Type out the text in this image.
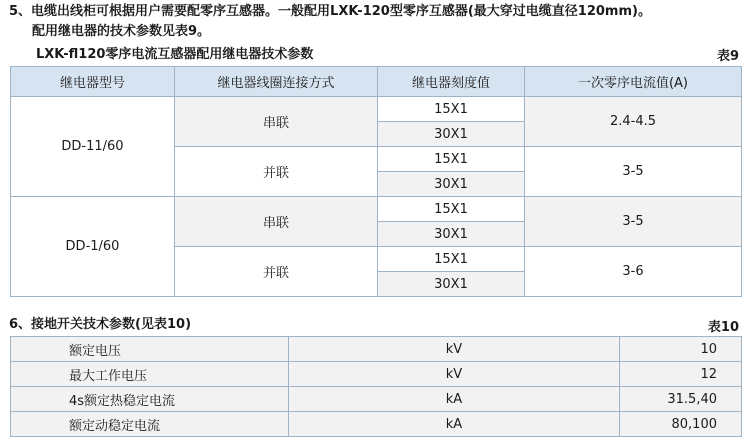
5、电缆出线柜可根据用户需要配零序互感器。一般配用LXK-120型零序互感器(最大穿过电缆直径120mm)。
配用继电器的技术参数见表9。
LXK-fl120零序电流互感器配用继电器技术参数	表9
继电器型号	继电器线圈连接方式	继电器刻度值	一次零序电流值(A)
DD-11/60	串联	15X1	2.4-4.5
		30X1	
	并联	15X1	3-5
		30X1	
DD-1/60	串联	15X1	3-5
		30X1	
	并联	15X1	3-6
		30X1	
6、接地开关技术参数(见表10)	表10
额定电压	kV	10
最大工作电压	kV	12
4s额定热稳定电流	kA	31.5,40
额定动稳定电流	kA	80,100
